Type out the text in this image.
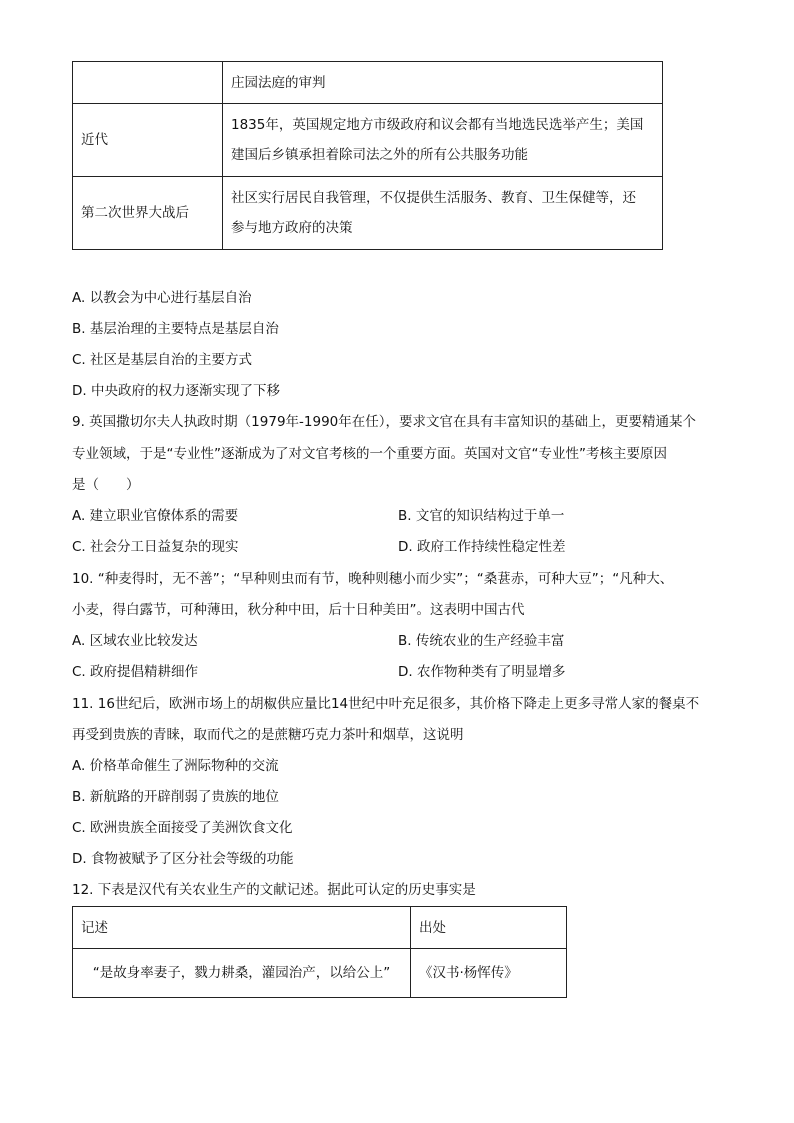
	庄园法庭的审判

近代	1835年，英国规定地方市级政府和议会都有当地选民选举产生；美国
建国后乡镇承担着除司法之外的所有公共服务功能

第二次世界大战后	社区实行居民自我管理，不仅提供生活服务、教育、卫生保健等，还
参与地方政府的决策
A. 以教会为中心进行基层自治
B. 基层治理的主要特点是基层自治
C. 社区是基层自治的主要方式
D. 中央政府的权力逐渐实现了下移
9. 英国撒切尔夫人执政时期（1979年-1990年在任），要求文官在具有丰富知识的基础上，更要精通某个
专业领域，于是“专业性”逐渐成为了对文官考核的一个重要方面。英国对文官“专业性”考核主要原因
是（　　）
A. 建立职业官僚体系的需要	B. 文官的知识结构过于单一
C. 社会分工日益复杂的现实	D. 政府工作持续性稳定性差
10. “种麦得时，无不善”；“早种则虫而有节，晚种则穗小而少实”；“桑葚赤，可种大豆”；“凡种大、
小麦，得白露节，可种薄田，秋分种中田，后十日种美田”。这表明中国古代
A. 区域农业比较发达	B. 传统农业的生产经验丰富
C. 政府提倡精耕细作	D. 农作物种类有了明显增多
11. 16世纪后，欧洲市场上的胡椒供应量比14世纪中叶充足很多，其价格下降走上更多寻常人家的餐桌不
再受到贵族的青睐，取而代之的是蔗糖巧克力茶叶和烟草，这说明
A. 价格革命催生了洲际物种的交流
B. 新航路的开辟削弱了贵族的地位
C. 欧洲贵族全面接受了美洲饮食文化
D. 食物被赋予了区分社会等级的功能
12. 下表是汉代有关农业生产的文献记述。据此可认定的历史事实是
记述	出处
“是故身率妻子，戮力耕桑，灌园治产，以给公上”	《汉书·杨恽传》
